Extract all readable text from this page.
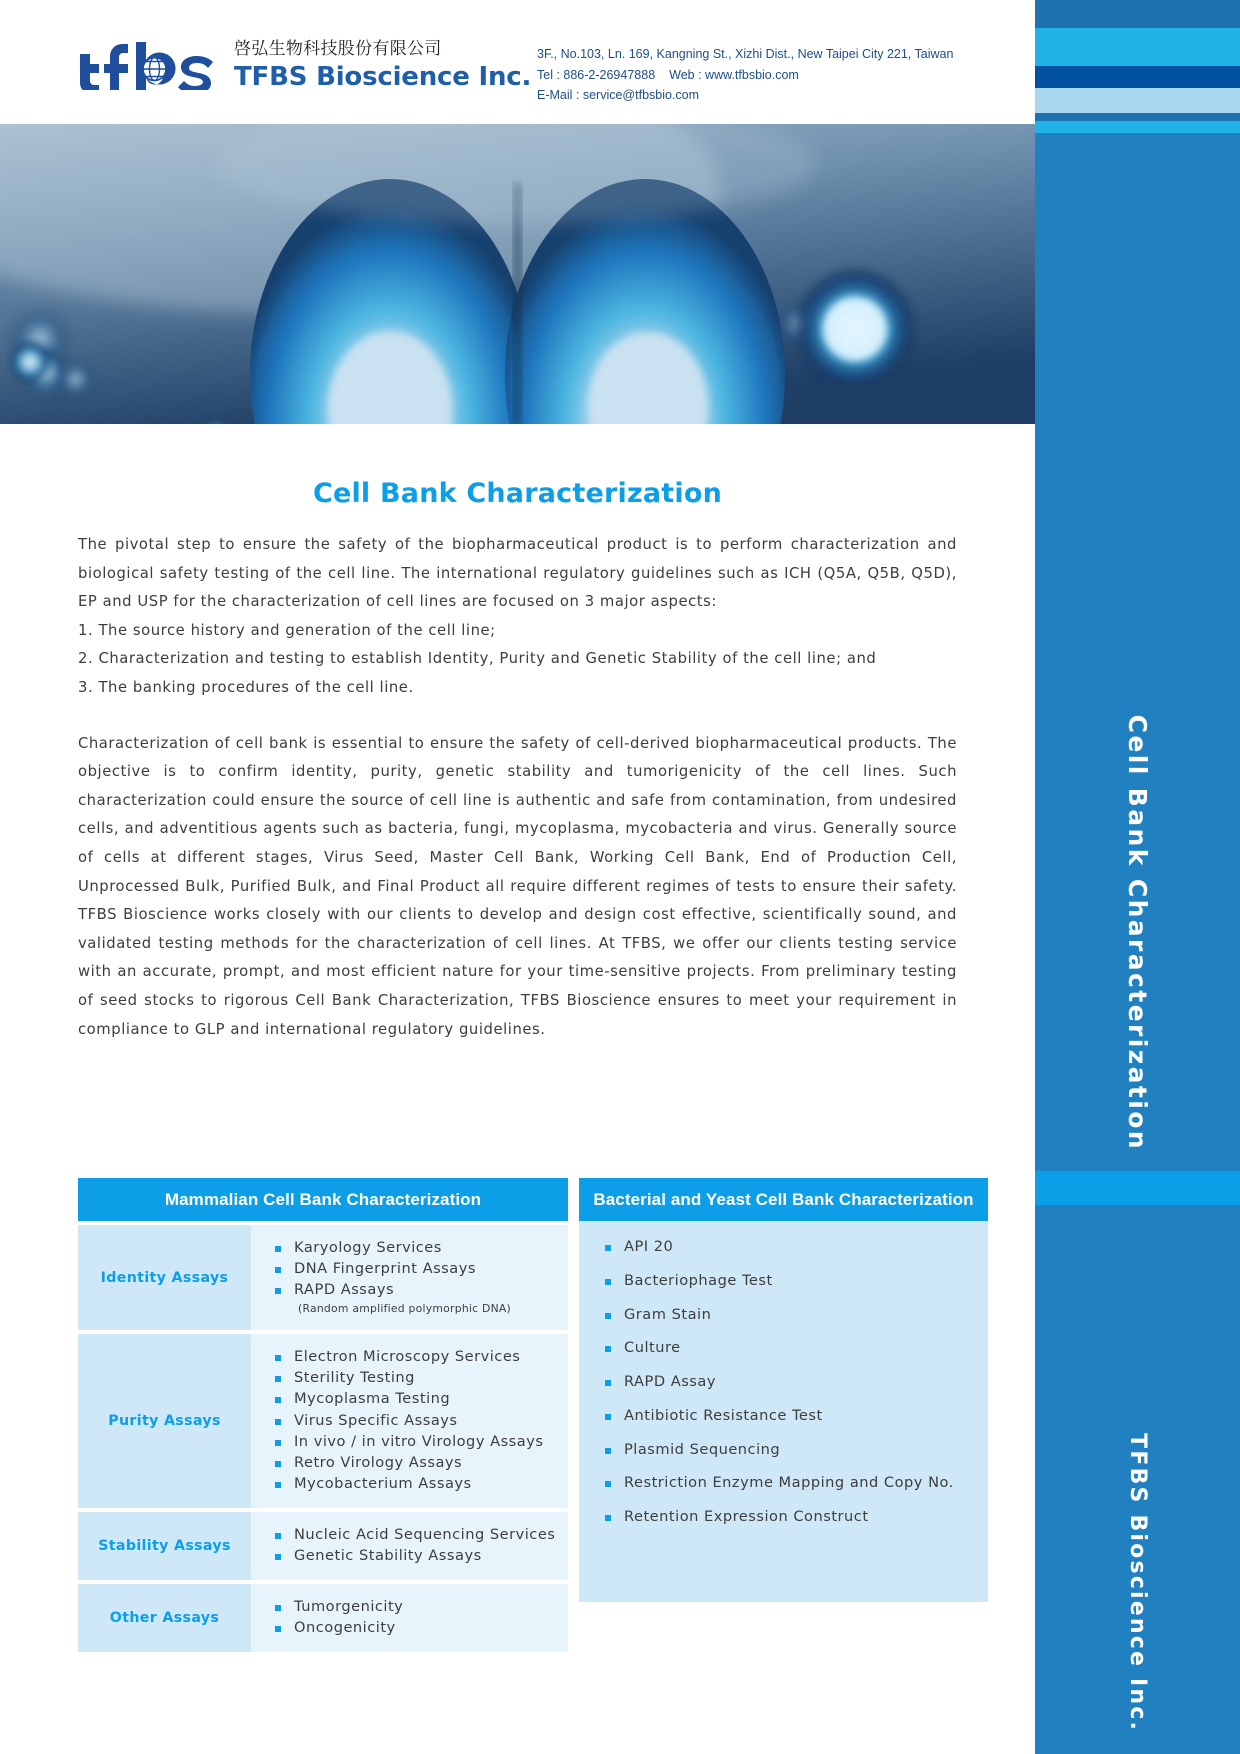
啓弘生物科技股份有限公司
TFBS Bioscience Inc.
3F., No.103, Ln. 169, Kangning St., Xizhi Dist., New Taipei City 221, Taiwan
Tel : 886-2-26947888 Web : www.tfbsbio.com
E-Mail : service@tfbsbio.com
Cell Bank Characterization

The pivotal step to ensure the safety of the biopharmaceutical product is to perform characterization and biological safety testing of the cell line. The international regulatory guidelines such as ICH (Q5A, Q5B, Q5D), EP and USP for the characterization of cell lines are focused on 3 major aspects:

1. The source history and generation of the cell line;

2. Characterization and testing to establish Identity, Purity and Genetic Stability of the cell line; and

3. The banking procedures of the cell line.

Characterization of cell bank is essential to ensure the safety of cell-derived biopharmaceutical products. The objective is to confirm identity, purity, genetic stability and tumorigenicity of the cell lines. Such characterization could ensure the source of cell line is authentic and safe from contamination, from undesired cells, and adventitious agents such as bacteria, fungi, mycoplasma, mycobacteria and virus. Generally source of cells at different stages, Virus Seed, Master Cell Bank, Working Cell Bank, End of Production Cell, Unprocessed Bulk, Purified Bulk, and Final Product all require different regimes of tests to ensure their safety. TFBS Bioscience works closely with our clients to develop and design cost effective, scientifically sound, and validated testing methods for the characterization of cell lines. At TFBS, we offer our clients testing service with an accurate, prompt, and most efficient nature for your time-sensitive projects. From preliminary testing of seed stocks to rigorous Cell Bank Characterization, TFBS Bioscience ensures to meet your requirement in compliance to GLP and international regulatory guidelines.

Mammalian Cell Bank Characterization
Identity Assays
Karyology Services
DNA Fingerprint Assays
RAPD Assays
(Random amplified polymorphic DNA)
Purity Assays
Electron Microscopy Services
Sterility Testing
Mycoplasma Testing
Virus Specific Assays
In vivo / in vitro Virology Assays
Retro Virology Assays
Mycobacterium Assays
Stability Assays
Nucleic Acid Sequencing Services
Genetic Stability Assays
Other Assays
Tumorgenicity
Oncogenicity
Bacterial and Yeast Cell Bank Characterization
API 20
Bacteriophage Test
Gram Stain
Culture
RAPD Assay
Antibiotic Resistance Test
Plasmid Sequencing
Restriction Enzyme Mapping and Copy No.
Retention Expression Construct
Cell Bank Characterization
TFBS Bioscience Inc.
